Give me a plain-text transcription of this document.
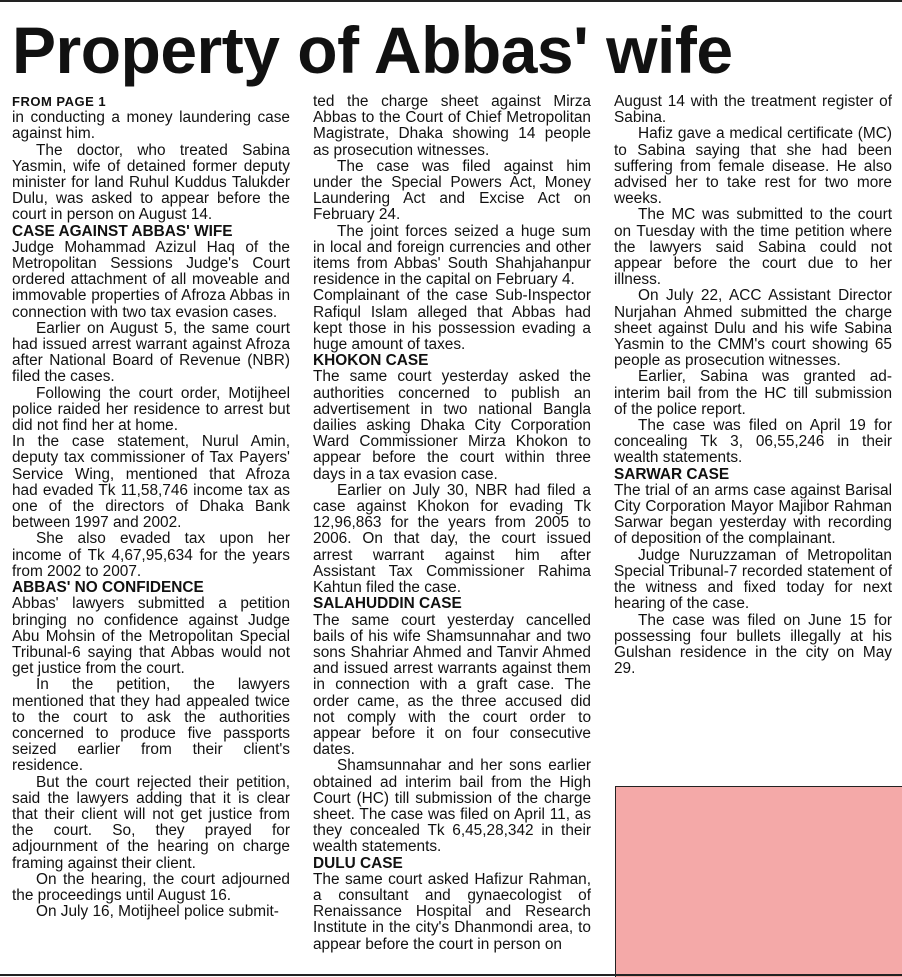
Property of Abbas' wife

FROM PAGE 1

in conducting a money laundering case against him.

The doctor, who treated Sabina Yasmin, wife of detained former deputy minister for land Ruhul Kuddus Talukder Dulu, was asked to appear before the court in person on August 14.

CASE AGAINST ABBAS' WIFE

Judge Mohammad Azizul Haq of the Metropolitan Sessions Judge's Court ordered attachment of all moveable and immovable properties of Afroza Abbas in connection with two tax evasion cases.

Earlier on August 5, the same court had issued arrest warrant against Afroza after National Board of Revenue (NBR) filed the cases.

Following the court order, Motijheel police raided her residence to arrest but did not find her at home.

In the case statement, Nurul Amin, deputy tax commissioner of Tax Payers' Service Wing, mentioned that Afroza had evaded Tk 11,58,746 income tax as one of the directors of Dhaka Bank between 1997 and 2002.

She also evaded tax upon her income of Tk 4,67,95,634 for the years from 2002 to 2007.

ABBAS' NO CONFIDENCE

Abbas' lawyers submitted a petition bringing no confidence against Judge Abu Mohsin of the Metropolitan Special Tribunal-6 saying that Abbas would not get justice from the court.

In the petition, the lawyers mentioned that they had appealed twice to the court to ask the authorities concerned to produce five passports seized earlier from their client's residence.

But the court rejected their petition, said the lawyers adding that it is clear that their client will not get justice from the court. So, they prayed for adjournment of the hearing on charge framing against their client.

On the hearing, the court adjourned the proceedings until August 16.

On July 16, Motijheel police submit-

ted the charge sheet against Mirza Abbas to the Court of Chief Metropolitan Magistrate, Dhaka showing 14 people as prosecution witnesses.

The case was filed against him under the Special Powers Act, Money Laundering Act and Excise Act on February 24.

The joint forces seized a huge sum in local and foreign currencies and other items from Abbas' South Shahjahanpur residence in the capital on February 4.

Complainant of the case Sub-Inspector Rafiqul Islam alleged that Abbas had kept those in his possession evading a huge amount of taxes.

KHOKON CASE

The same court yesterday asked the authorities concerned to publish an advertisement in two national Bangla dailies asking Dhaka City Corporation Ward Commissioner Mirza Khokon to appear before the court within three days in a tax evasion case.

Earlier on July 30, NBR had filed a case against Khokon for evading Tk 12,96,863 for the years from 2005 to 2006. On that day, the court issued arrest warrant against him after Assistant Tax Commissioner Rahima Kahtun filed the case.

SALAHUDDIN CASE

The same court yesterday cancelled bails of his wife Shamsunnahar and two sons Shahriar Ahmed and Tanvir Ahmed and issued arrest warrants against them in connection with a graft case. The order came, as the three accused did not comply with the court order to appear before it on four consecutive dates.

Shamsunnahar and her sons earlier obtained ad interim bail from the High Court (HC) till submission of the charge sheet. The case was filed on April 11, as they concealed Tk 6,45,28,342 in their wealth statements.

DULU CASE

The same court asked Hafizur Rahman, a consultant and gynaecologist of Renaissance Hospital and Research Institute in the city's Dhanmondi area, to appear before the court in person on

August 14 with the treatment register of Sabina.

Hafiz gave a medical certificate (MC) to Sabina saying that she had been suffering from female disease. He also advised her to take rest for two more weeks.

The MC was submitted to the court on Tuesday with the time petition where the lawyers said Sabina could not appear before the court due to her illness.

On July 22, ACC Assistant Director Nurjahan Ahmed submitted the charge sheet against Dulu and his wife Sabina Yasmin to the CMM's court showing 65 people as prosecution witnesses.

Earlier, Sabina was granted ad-interim bail from the HC till submission of the police report.

The case was filed on April 19 for concealing Tk 3, 06,55,246 in their wealth statements.

SARWAR CASE

The trial of an arms case against Barisal City Corporation Mayor Majibor Rahman Sarwar began yesterday with recording of deposition of the complainant.

Judge Nuruzzaman of Metropolitan Special Tribunal-7 recorded statement of the witness and fixed today for next hearing of the case.

The case was filed on June 15 for possessing four bullets illegally at his Gulshan residence in the city on May 29.
